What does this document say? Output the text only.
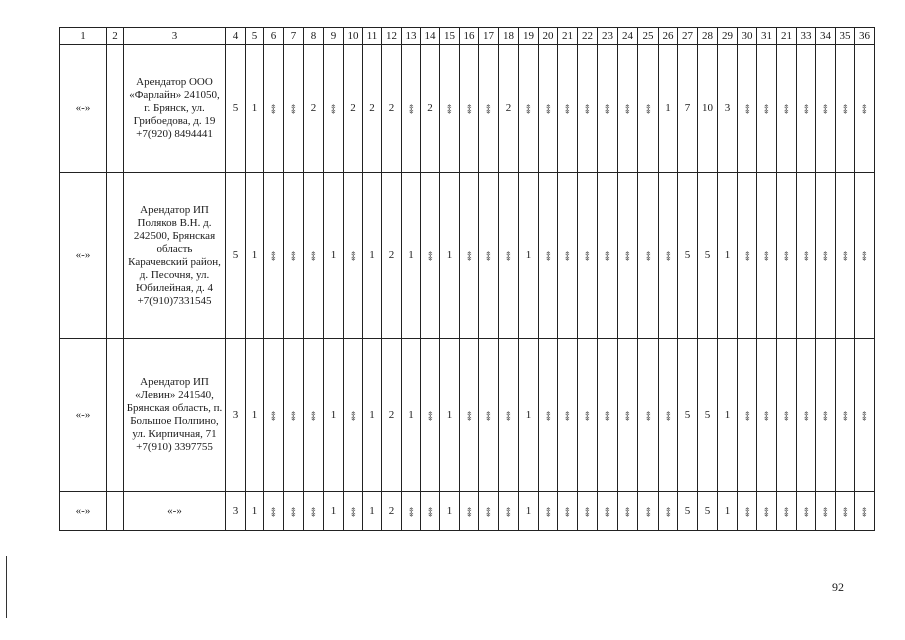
1	2	3	4	5	6	7	8	9	10	11	12	13	14	15	16	17	18	19	20	21	22	23	24	25	26	27	28	29	30	31	21	33	34	35	36
«-»		Арендатор ООО «Фарлайн» 241050, г. Брянск, ул. Грибоедова, д. 19 +7(920) 8494441	5	1	«-»	«-»	2	«-»	2	2	2	«-»	2	«-»	«-»	«-»	2	«-»	«-»	«-»	«-»	«-»	«-»	«-»	1	7	10	3	«-»	«-»	«-»	«-»	«-»	«-»	«-»
«-»		Арендатор ИП Поляков В.Н. д. 242500, Брянская область Карачевский район, д. Песочня, ул. Юбилейная, д. 4 +7(910)7331545	5	1	«-»	«-»	«-»	1	«-»	1	2	1	«-»	1	«-»	«-»	«-»	1	«-»	«-»	«-»	«-»	«-»	«-»	«-»	5	5	1	«-»	«-»	«-»	«-»	«-»	«-»	«-»
«-»		Арендатор ИП «Левин» 241540, Брянская область, п. Большое Полпино, ул. Кирпичная, 71 +7(910) 3397755	3	1	«-»	«-»	«-»	1	«-»	1	2	1	«-»	1	«-»	«-»	«-»	1	«-»	«-»	«-»	«-»	«-»	«-»	«-»	5	5	1	«-»	«-»	«-»	«-»	«-»	«-»	«-»
«-»		«-»	3	1	«-»	«-»	«-»	1	«-»	1	2	«-»	«-»	1	«-»	«-»	«-»	1	«-»	«-»	«-»	«-»	«-»	«-»	«-»	5	5	1	«-»	«-»	«-»	«-»	«-»	«-»	«-»
92
